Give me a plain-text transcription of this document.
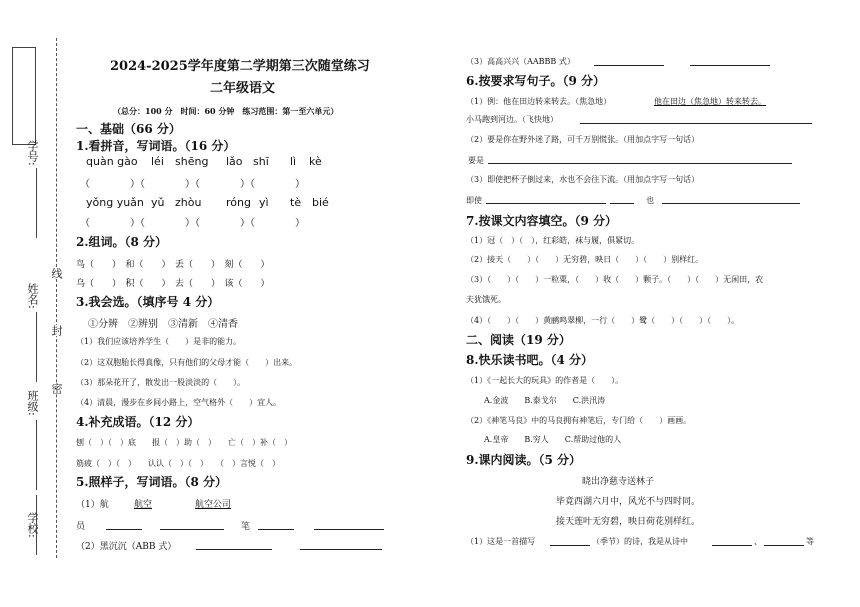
学号:
姓名:
班级:
学校:
线
封
密
2024-2025学年度第二学期第三次随堂练习
二年级语文
（总分：100 分　时间：60 分钟　练习范围：第一至六单元）
一、基础（66 分）
1.看拼音，写词语。（16 分）
quàn gào léi shēng lǎo shī lì kè
（　　　　）（　　　　）（　　　　）（　　　　）
yǒng yuǎn yǔ zhòu róng yì tè bié
（　　　　）（　　　　）（　　　　）（　　　　）
2.组词。（8 分）
鸟（　　）　和（　　）　丢（　　）　刻（　　）
乌（　　）　积（　　）　去（　　）　该（　　）
3.我会选。（填序号 4 分）
①分辨　②辨别　③清新　④清香
（1）我们应该培养学生（　　）是非的能力。
（2）这双胞胎长得真像，只有他们的父母才能（　　）出来。
（3）那朵花开了，散发出一股淡淡的（　　）。
（4）清晨，漫步在乡间小路上，空气格外（　　）宜人。
4.补充成语。（12 分）
刨（　）（　）底　　报（　）助（　）　　亡（　）补（　）
筋疲（　）（　）　　认认（　）（　）　　（　）言悦（　）
5.照样子，写词语。（8 分）
（1）航	航空	航空公司
员	笔
（2）黑沉沉（ABB 式）
（3）高高兴兴（AABBB 式）
6.按要求写句子。（9 分）
（1）例：他在田边转来转去。（焦急地）	他在田边（焦急地）转来转去。
小马跑到河边。（飞快地）
（2）要是你在野外迷了路，可千万别慌张。（用加点字写一句话）
要是
（3）即使把杯子倒过来，水也不会往下流。（用加点字写一句话）
即使	也
7.按课文内容填空。（9 分）
（1）冠（　）（　），红彩皓，袜与履，俱紧切。
（2）接天（　　）（　　）无穷碧，映日（　　）（　　）别样红。
（3）（　　）（　　）一粒粟，（　　）收（　　）颗子。（　　）（　　）无闲田，农
夫犹饿死。
（4）（　　）（　　）黄鹂鸣翠柳，一行（　　）鹭（　　）（　　）（　　）。
二、阅读（19 分）
8.快乐读书吧。（4 分）
（1）《一起长大的玩具》的作者是（　　）。
A.金波　　B.泰戈尔　　C.洪汛涛
（2）《神笔马良》中的马良拥有神笔后，专门给（　　）画画。
A.皇帝　　B.穷人　　C.帮助过他的人
9.课内阅读。（5 分）
晓出净慈寺送林子
毕竟西湖六月中，风光不与四时同。
接天莲叶无穷碧，映日荷花别样红。
（1）这是一首描写	（季节）的诗，我是从诗中	、	等
